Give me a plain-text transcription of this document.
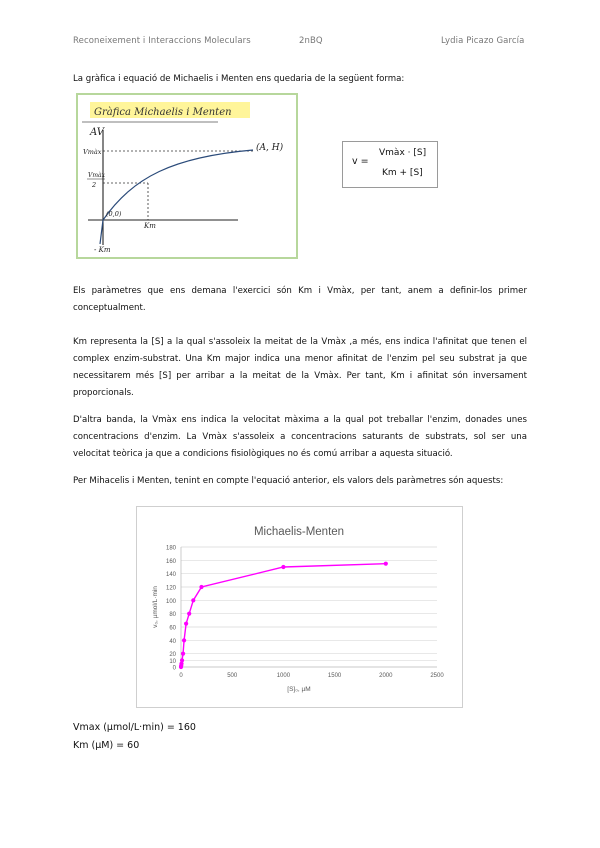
Reconeixement i Interaccions Moleculars	2nBQ	Lydia Picazo García
La gràfica i equació de Michaelis i Menten ens quedaria de la següent forma:
Gràfica Michaelis i Menten
AV
Vmàx	(A, H)
Vmàx
2
(0,0)
Km
- Km
v =
Vmàx · [S]
Km + [S]
Els paràmetres que ens demana l'exercici són Km i Vmàx, per tant, anem a definir-los primer conceptualment.
Km representa la [S] a la qual s'assoleix la meitat de la Vmàx ,a més, ens indica l'afinitat que tenen el complex enzim-substrat. Una Km major indica una menor afinitat de l'enzim pel seu substrat ja que necessitarem més [S] per arribar a la meitat de la Vmàx. Per tant, Km i afinitat són inversament proporcionals.
D'altra banda, la Vmàx ens indica la velocitat màxima a la qual pot treballar l'enzim, donades unes concentracions d'enzim. La Vmàx s'assoleix a concentracions saturants de substrats, sol ser una velocitat teòrica ja que a condicions fisiològiques no és comú arribar a aquesta situació.
Per Mihacelis i Menten, tenint en compte l'equació anterior, els valors dels paràmetres són aquests:
Michaelis-Menten
0
10
20
40
60
80
100
120
140
160
180
0	500	1000	1500	2000	2500
[S]₀, µM
v₀, µmol/L·min
Vmax (µmol/L·min) = 160
Km (µM) = 60
